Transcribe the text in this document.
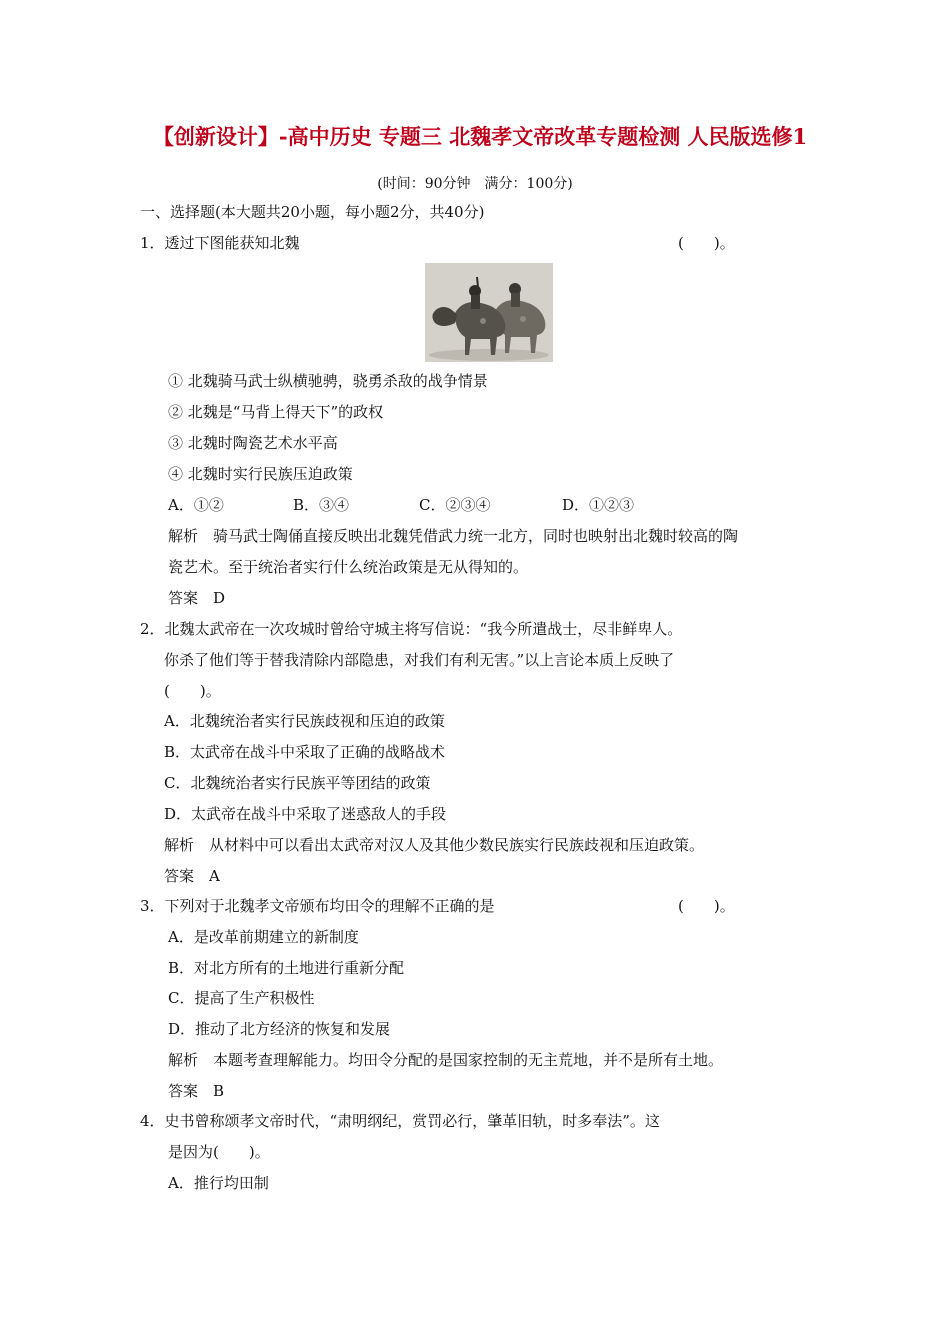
【创新设计】-高中历史 专题三 北魏孝文帝改革专题检测 人民版选修1
(时间：90分钟　满分：100分)
一、选择题(本大题共20小题，每小题2分，共40分)
1．透过下图能获知北魏	(　　)。
① 北魏骑马武士纵横驰骋，骁勇杀敌的战争情景
② 北魏是“马背上得天下”的政权
③ 北魏时陶瓷艺术水平高
④ 北魏时实行民族压迫政策
A．①②	B．③④	C．②③④	D．①②③
解析　骑马武士陶俑直接反映出北魏凭借武力统一北方，同时也映射出北魏时较高的陶
瓷艺术。至于统治者实行什么统治政策是无从得知的。
答案　D
2．北魏太武帝在一次攻城时曾给守城主将写信说：“我今所遣战士，尽非鲜卑人。
你杀了他们等于替我清除内部隐患，对我们有利无害。”以上言论本质上反映了
(　　)。
A．北魏统治者实行民族歧视和压迫的政策
B．太武帝在战斗中采取了正确的战略战术
C．北魏统治者实行民族平等团结的政策
D．太武帝在战斗中采取了迷惑敌人的手段
解析　从材料中可以看出太武帝对汉人及其他少数民族实行民族歧视和压迫政策。
答案　A
3．下列对于北魏孝文帝颁布均田令的理解不正确的是	(　　)。
A．是改革前期建立的新制度
B．对北方所有的土地进行重新分配
C．提高了生产积极性
D．推动了北方经济的恢复和发展
解析　本题考查理解能力。均田令分配的是国家控制的无主荒地，并不是所有土地。
答案　B
4．史书曾称颂孝文帝时代，“肃明纲纪，赏罚必行，肇革旧轨，时多奉法”。这
是因为(　　)。
A．推行均田制
